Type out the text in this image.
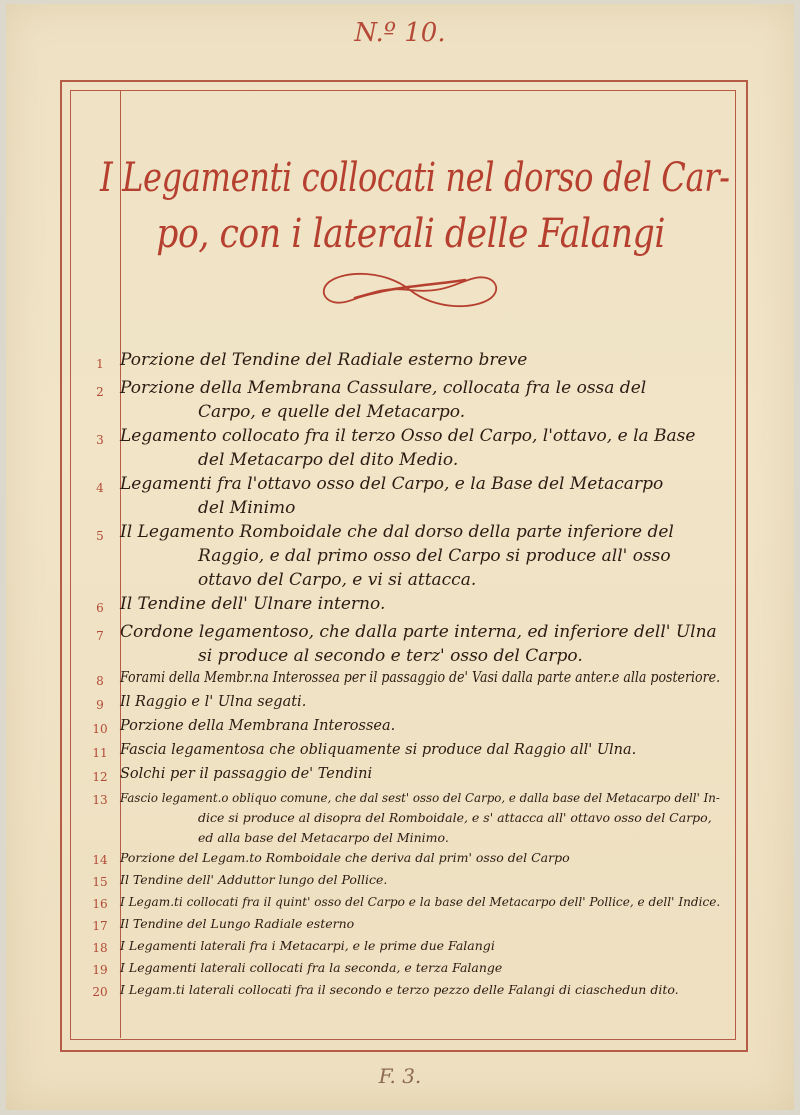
N.º 10.
I Legamenti collocati nel dorso del Car-
po, con i laterali delle Falangi
1 Porzione del Tendine del Radiale esterno breve
2 Porzione della Membrana Cassulare, collocata fra le ossa del
Carpo, e quelle del Metacarpo.
3 Legamento collocato fra il terzo Osso del Carpo, l'ottavo, e la Base
del Metacarpo del dito Medio.
4 Legamenti fra l'ottavo osso del Carpo, e la Base del Metacarpo
del Minimo
5 Il Legamento Romboidale che dal dorso della parte inferiore del
Raggio, e dal primo osso del Carpo si produce all' osso
ottavo del Carpo, e vi si attacca.
6 Il Tendine dell' Ulnare interno.
7 Cordone legamentoso, che dalla parte interna, ed inferiore dell' Ulna
si produce al secondo e terz' osso del Carpo.
8	Forami della Membr.na Interossea per il passaggio de' Vasi dalla parte anter.e alla posteriore.
9	Il Raggio e l' Ulna segati.
10 Porzione della Membrana Interossea.
11 Fascia legamentosa che obliquamente si produce dal Raggio all' Ulna.
12 Solchi per il passaggio de' Tendini
13 Fascio legament.o obliquo comune, che dal sest' osso del Carpo, e dalla base del Metacarpo dell' In-
dice si produce al disopra del Romboidale, e s' attacca all' ottavo osso del Carpo,
ed alla base del Metacarpo del Minimo.
14 Porzione del Legam.to Romboidale che deriva dal prim' osso del Carpo
15 Il Tendine dell' Adduttor lungo del Pollice.
16 I Legam.ti collocati fra il quint' osso del Carpo e la base del Metacarpo dell' Pollice, e dell' Indice.
17 Il Tendine del Lungo Radiale esterno
18 I Legamenti laterali fra i Metacarpi, e le prime due Falangi
19 I Legamenti laterali collocati fra la seconda, e terza Falange
20 I Legam.ti laterali collocati fra il secondo e terzo pezzo delle Falangi di ciaschedun dito.
F. 3.
